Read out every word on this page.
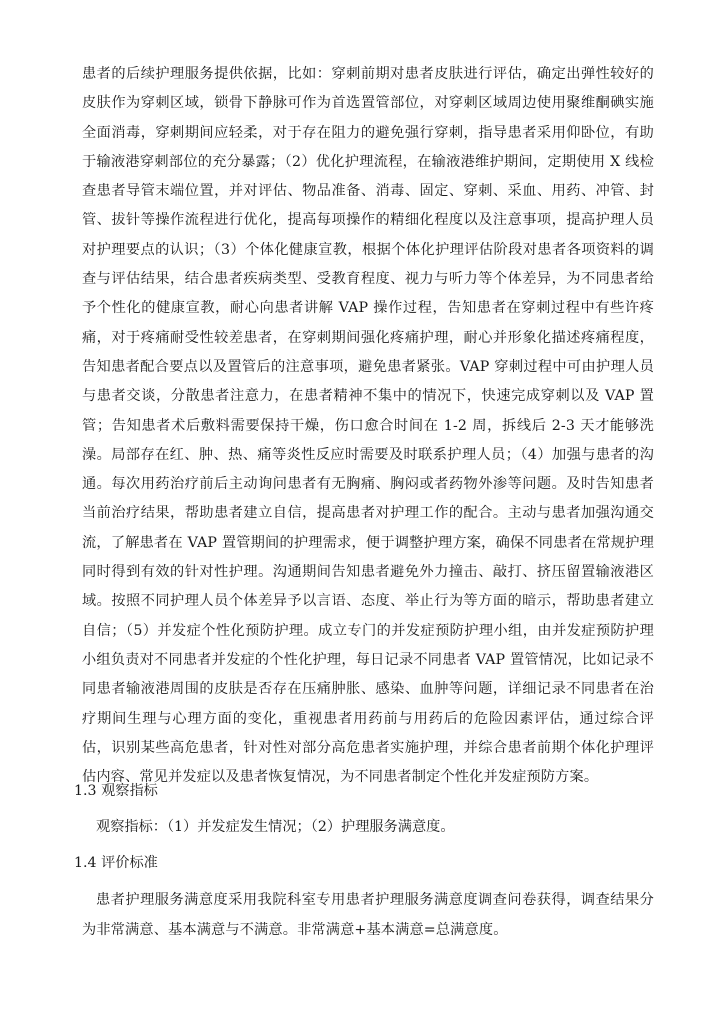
患者的后续护理服务提供依据，比如：穿刺前期对患者皮肤进行评估，确定出弹性较好的皮肤作为穿刺区域，锁骨下静脉可作为首选置管部位，对穿刺区域周边使用聚维酮碘实施全面消毒，穿刺期间应轻柔，对于存在阻力的避免强行穿刺，指导患者采用仰卧位，有助于输液港穿刺部位的充分暴露；（2）优化护理流程，在输液港维护期间，定期使用 X 线检查患者导管末端位置，并对评估、物品准备、消毒、固定、穿刺、采血、用药、冲管、封管、拔针等操作流程进行优化，提高每项操作的精细化程度以及注意事项，提高护理人员对护理要点的认识；（3）个体化健康宣教，根据个体化护理评估阶段对患者各项资料的调查与评估结果，结合患者疾病类型、受教育程度、视力与听力等个体差异，为不同患者给予个性化的健康宣教，耐心向患者讲解 VAP 操作过程，告知患者在穿刺过程中有些许疼痛，对于疼痛耐受性较差患者，在穿刺期间强化疼痛护理，耐心并形象化描述疼痛程度，告知患者配合要点以及置管后的注意事项，避免患者紧张。VAP 穿刺过程中可由护理人员与患者交谈，分散患者注意力，在患者精神不集中的情况下，快速完成穿刺以及 VAP 置管；告知患者术后敷料需要保持干燥，伤口愈合时间在 1-2 周，拆线后 2-3 天才能够洗澡。局部存在红、肿、热、痛等炎性反应时需要及时联系护理人员；（4）加强与患者的沟通。每次用药治疗前后主动询问患者有无胸痛、胸闷或者药物外渗等问题。及时告知患者当前治疗结果，帮助患者建立自信，提高患者对护理工作的配合。主动与患者加强沟通交流，了解患者在 VAP 置管期间的护理需求，便于调整护理方案，确保不同患者在常规护理同时得到有效的针对性护理。沟通期间告知患者避免外力撞击、敲打、挤压留置输液港区域。按照不同护理人员个体差异予以言语、态度、举止行为等方面的暗示，帮助患者建立自信；（5）并发症个性化预防护理。成立专门的并发症预防护理小组，由并发症预防护理小组负责对不同患者并发症的个性化护理，每日记录不同患者 VAP 置管情况，比如记录不同患者输液港周围的皮肤是否存在压痛肿胀、感染、血肿等问题，详细记录不同患者在治疗期间生理与心理方面的变化，重视患者用药前与用药后的危险因素评估，通过综合评估，识别某些高危患者，针对性对部分高危患者实施护理，并综合患者前期个体化护理评估内容、常见并发症以及患者恢复情况，为不同患者制定个性化并发症预防方案。

1.3 观察指标

观察指标：（1）并发症发生情况；（2）护理服务满意度。

1.4 评价标准

患者护理服务满意度采用我院科室专用患者护理服务满意度调查问卷获得，调查结果分为非常满意、基本满意与不满意。非常满意+基本满意=总满意度。
